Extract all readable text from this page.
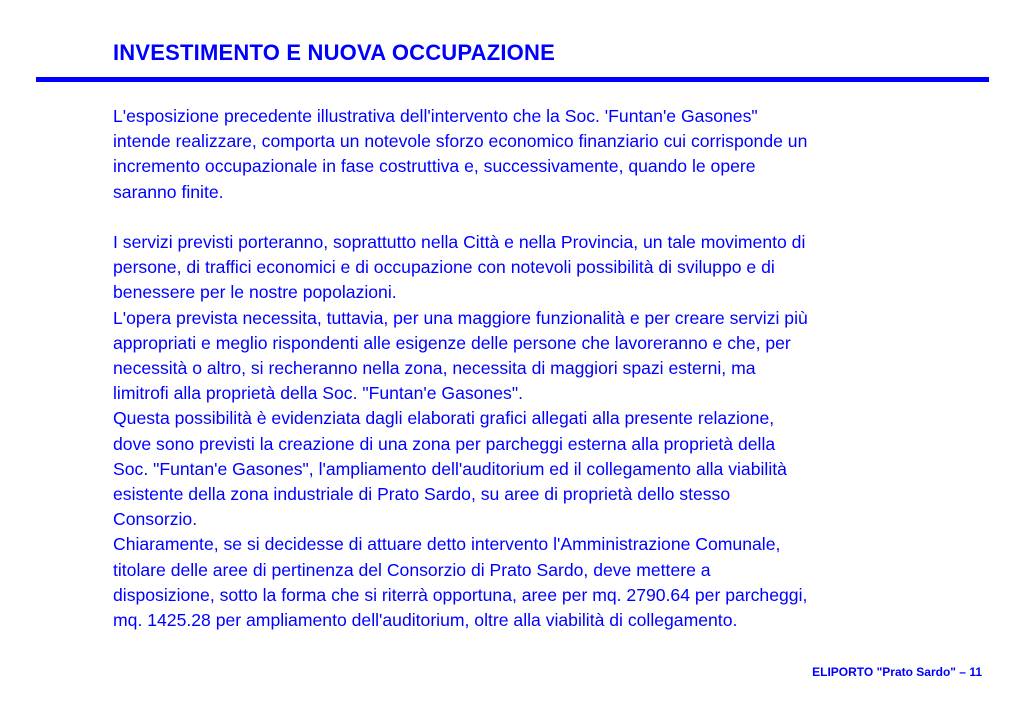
INVESTIMENTO E NUOVA OCCUPAZIONE
L'esposizione precedente illustrativa dell'intervento che la Soc. 'Funtan'e Gasones"
intende realizzare, comporta un notevole sforzo economico finanziario cui corrisponde un
incremento occupazionale in fase costruttiva e, successivamente, quando le opere
saranno finite.
I servizi previsti porteranno, soprattutto nella Città e nella Provincia, un tale movimento di
persone, di traffici economici e di occupazione con notevoli possibilità di sviluppo e di
benessere per le nostre popolazioni.
L'opera prevista necessita, tuttavia, per una maggiore funzionalità e per creare servizi più
appropriati e meglio rispondenti alle esigenze delle persone che lavoreranno e che, per
necessità o altro, si recheranno nella zona, necessita di maggiori spazi esterni, ma
limitrofi alla proprietà della Soc. "Funtan'e Gasones".
Questa possibilità è evidenziata dagli elaborati grafici allegati alla presente relazione,
dove sono previsti la creazione di una zona per parcheggi esterna alla proprietà della
Soc. "Funtan'e Gasones", l'ampliamento dell'auditorium ed il collegamento alla viabilità
esistente della zona industriale di Prato Sardo, su aree di proprietà dello stesso
Consorzio.
Chiaramente, se si decidesse di attuare detto intervento l'Amministrazione Comunale,
titolare delle aree di pertinenza del Consorzio di Prato Sardo, deve mettere a
disposizione, sotto la forma che si riterrà opportuna, aree per mq. 2790.64 per parcheggi,
mq. 1425.28 per ampliamento dell'auditorium, oltre alla viabilità di collegamento.
ELIPORTO "Prato Sardo" – 11
